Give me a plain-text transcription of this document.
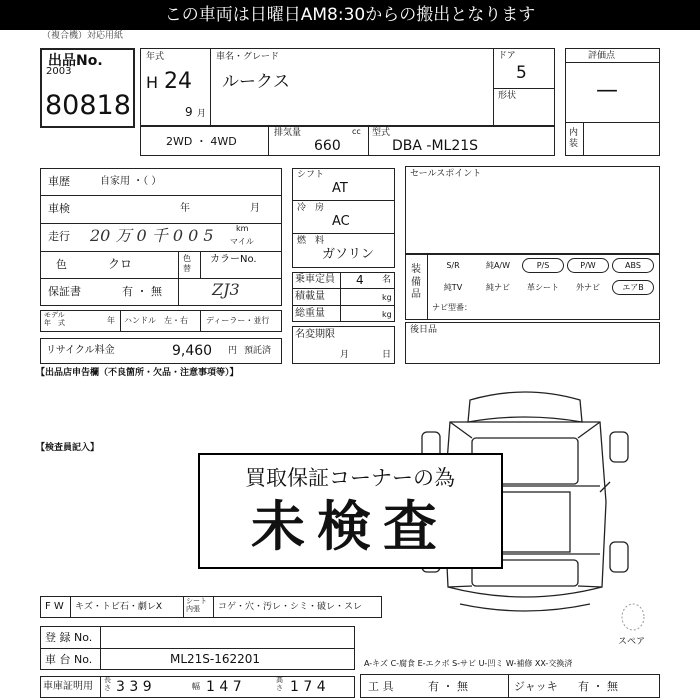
この車両は日曜日AM8:30からの搬出となります
（複合機）対応用紙
出品No.
2003
80818
年式
H 24
9 月
車名・グレード
ルークス
ドア
5
形状
評価点
—
内
装
2WD ・ 4WD
排気量	cc
660
型式
DBA -ML21S
車歴	自家用 ・（ ）
車検	年	月
走行 20 万 0 千 0 0 5	km
マイル
色	クロ	色
替
カラーNo.
ZJ3
保証書	有 ・ 無
モデル
年　式	年 ハンドル　左・右 ディーラー・並行
リサイクル料金	9,460 円 預託済
シフト
AT
冷　房
AC
燃　料
ガソリン
乗車定員 4 名
積載量	kg
総重量	kg
名変期限
月	日
セールスポイント
装
備
品
S/R	純A/W	P/S	P/W	ABS
純TV	純ナビ	革シート	外ナビ	エアB
ナビ型番：
後日品
【出品店申告欄（不良箇所・欠品・注意事項等）】
【検査員記入】
スペア
買取保証コーナーの為
未検査
F W キズ・トビ石・劇レX
シート
内張	コゲ・穴・汚レ・シミ・破レ・スレ
登 録 No.
車 台 No.	ML21S-162201
車庫証明用
長
さ 3 3 9	幅 1 4 7	高
さ 1 7 4
A-キズ C-腐食 E-エクボ S-サビ U-凹ミ W-補修 XX-交換済
工 具	有 ・ 無	ジャッキ 有 ・ 無
